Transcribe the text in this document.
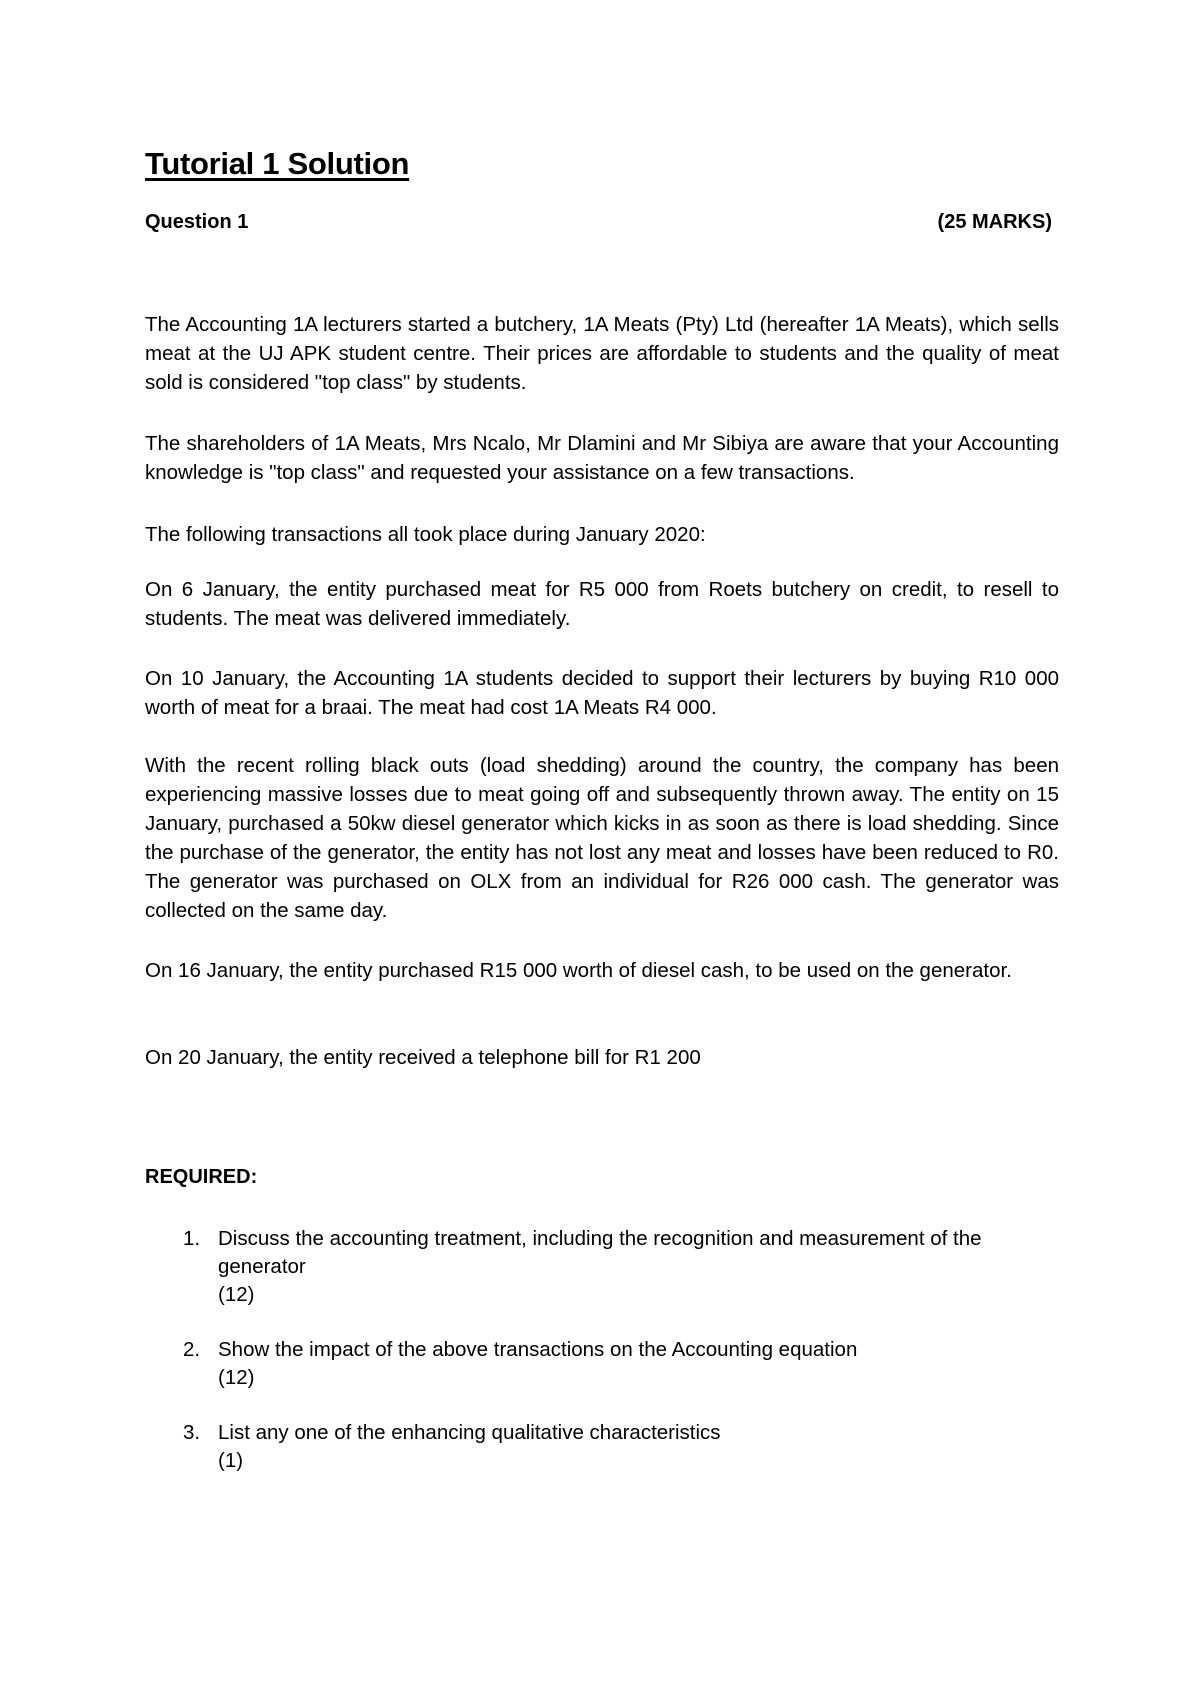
Tutorial 1 Solution
Question 1	(25 MARKS)

The Accounting 1A lecturers started a butchery, 1A Meats (Pty) Ltd (hereafter 1A Meats), which sells meat at the UJ APK student centre. Their prices are affordable to students and the quality of meat sold is considered "top class" by students.

The shareholders of 1A Meats, Mrs Ncalo, Mr Dlamini and Mr Sibiya are aware that your Accounting knowledge is "top class" and requested your assistance on a few transactions.

The following transactions all took place during January 2020:

On 6 January, the entity purchased meat for R5 000 from Roets butchery on credit, to resell to students. The meat was delivered immediately.

On 10 January, the Accounting 1A students decided to support their lecturers by buying R10 000 worth of meat for a braai. The meat had cost 1A Meats R4 000.

With the recent rolling black outs (load shedding) around the country, the company has been experiencing massive losses due to meat going off and subsequently thrown away. The entity on 15 January, purchased a 50kw diesel generator which kicks in as soon as there is load shedding. Since the purchase of the generator, the entity has not lost any meat and losses have been reduced to R0. The generator was purchased on OLX from an individual for R26 000 cash. The generator was collected on the same day.

On 16 January, the entity purchased R15 000 worth of diesel cash, to be used on the generator.

On 20 January, the entity received a telephone bill for R1 200

REQUIRED:

1. Discuss the accounting treatment, including the recognition and measurement of the generator
(12)
2. Show the impact of the above transactions on the Accounting equation
(12)
3. List any one of the enhancing qualitative characteristics
(1)
